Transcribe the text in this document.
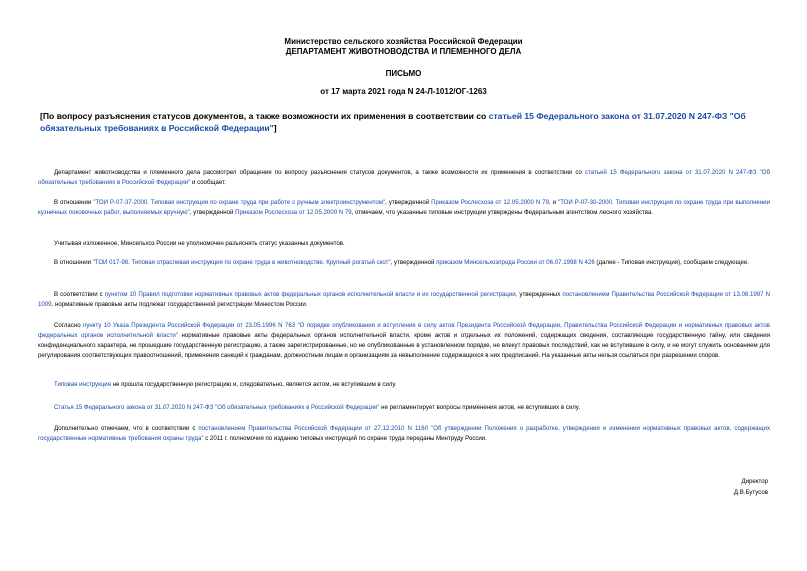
Министерство сельского хозяйства Российской Федерации
ДЕПАРТАМЕНТ ЖИВОТНОВОДСТВА И ПЛЕМЕННОГО ДЕЛА
ПИСЬМО
от 17 марта 2021 года N 24-Л-1012/ОГ-1263
[По вопросу разъяснения статусов документов, а также возможности их применения в соответствии со статьей 15 Федерального закона от 31.07.2020 N 247-ФЗ "Об обязательных требованиях в Российской Федерации"]
Департамент животноводства и племенного дела рассмотрел обращение по вопросу разъяснения статусов документов, а также возможности их применения в соответствии со статьей 15 Федерального закона от 31.07.2020 N 247-ФЗ "Об обязательных требованиях в Российской Федерации" и сообщает.
В отношении "ТОИ Р-07-37-2000. Типовая инструкция по охране труда при работе с ручным электроинструментом", утвержденной Приказом Рослесхоза от 12.05.2000 N 79, и "ТОИ Р-07-30-2000. Типовая инструкция по охране труда при выполнении кузнечных поковочных работ, выполняемых вручную", утвержденной Приказом Рослесхоза от 12.05.2000 N 79, отмечаем, что указанные типовые инструкции утверждены Федеральным агентством лесного хозяйства.
Учитывая изложенное, Минсельхоз России не уполномочен разъяснять статус указанных документов.
В отношении "ТОИ 017-98. Типовая отраслевая инструкция по охране труда в животноводстве. Крупный рогатый скот", утвержденной приказом Минсельхозпрода России от 06.07.1998 N 426 (далее - Типовая инструкция), сообщаем следующее.
В соответствии с пунктом 10 Правил подготовки нормативных правовых актов федеральных органов исполнительной власти и их государственной регистрации, утвержденных постановлением Правительства Российской Федерации от 13.08.1997 N 1009, нормативные правовые акты подлежат государственной регистрации Минюстом России.
Согласно пункту 10 Указа Президента Российской Федерации от 23.05.1996 N 763 "О порядке опубликования и вступления в силу актов Президента Российской Федерации, Правительства Российской Федерации и нормативных правовых актов федеральных органов исполнительной власти" нормативные правовые акты федеральных органов исполнительной власти, кроме актов и отдельных их положений, содержащих сведения, составляющие государственную тайну, или сведения конфиденциального характера, не прошедшие государственную регистрацию, а также зарегистрированные, но не опубликованные в установленном порядке, не влекут правовых последствий, как не вступившие в силу, и не могут служить основанием для регулирования соответствующих правоотношений, применения санкций к гражданам, должностным лицам и организациям за невыполнение содержащихся в них предписаний. На указанные акты нельзя ссылаться при разрешении споров.
Типовая инструкция не прошла государственную регистрацию и, следовательно, является актом, не вступившим в силу.
Статья 15 Федерального закона от 31.07.2020 N 247-ФЗ "Об обязательных требованиях в Российской Федерации" не регламентирует вопросы применения актов, не вступивших в силу.
Дополнительно отмечаем, что в соответствии с постановлением Правительства Российской Федерации от 27.12.2010 N 1160 "Об утверждении Положения о разработке, утверждении и изменении нормативных правовых актов, содержащих государственные нормативные требования охраны труда" с 2011 г. полномочия по изданию типовых инструкций по охране труда переданы Минтруду России.
Директор
Д.В.Бутусов
